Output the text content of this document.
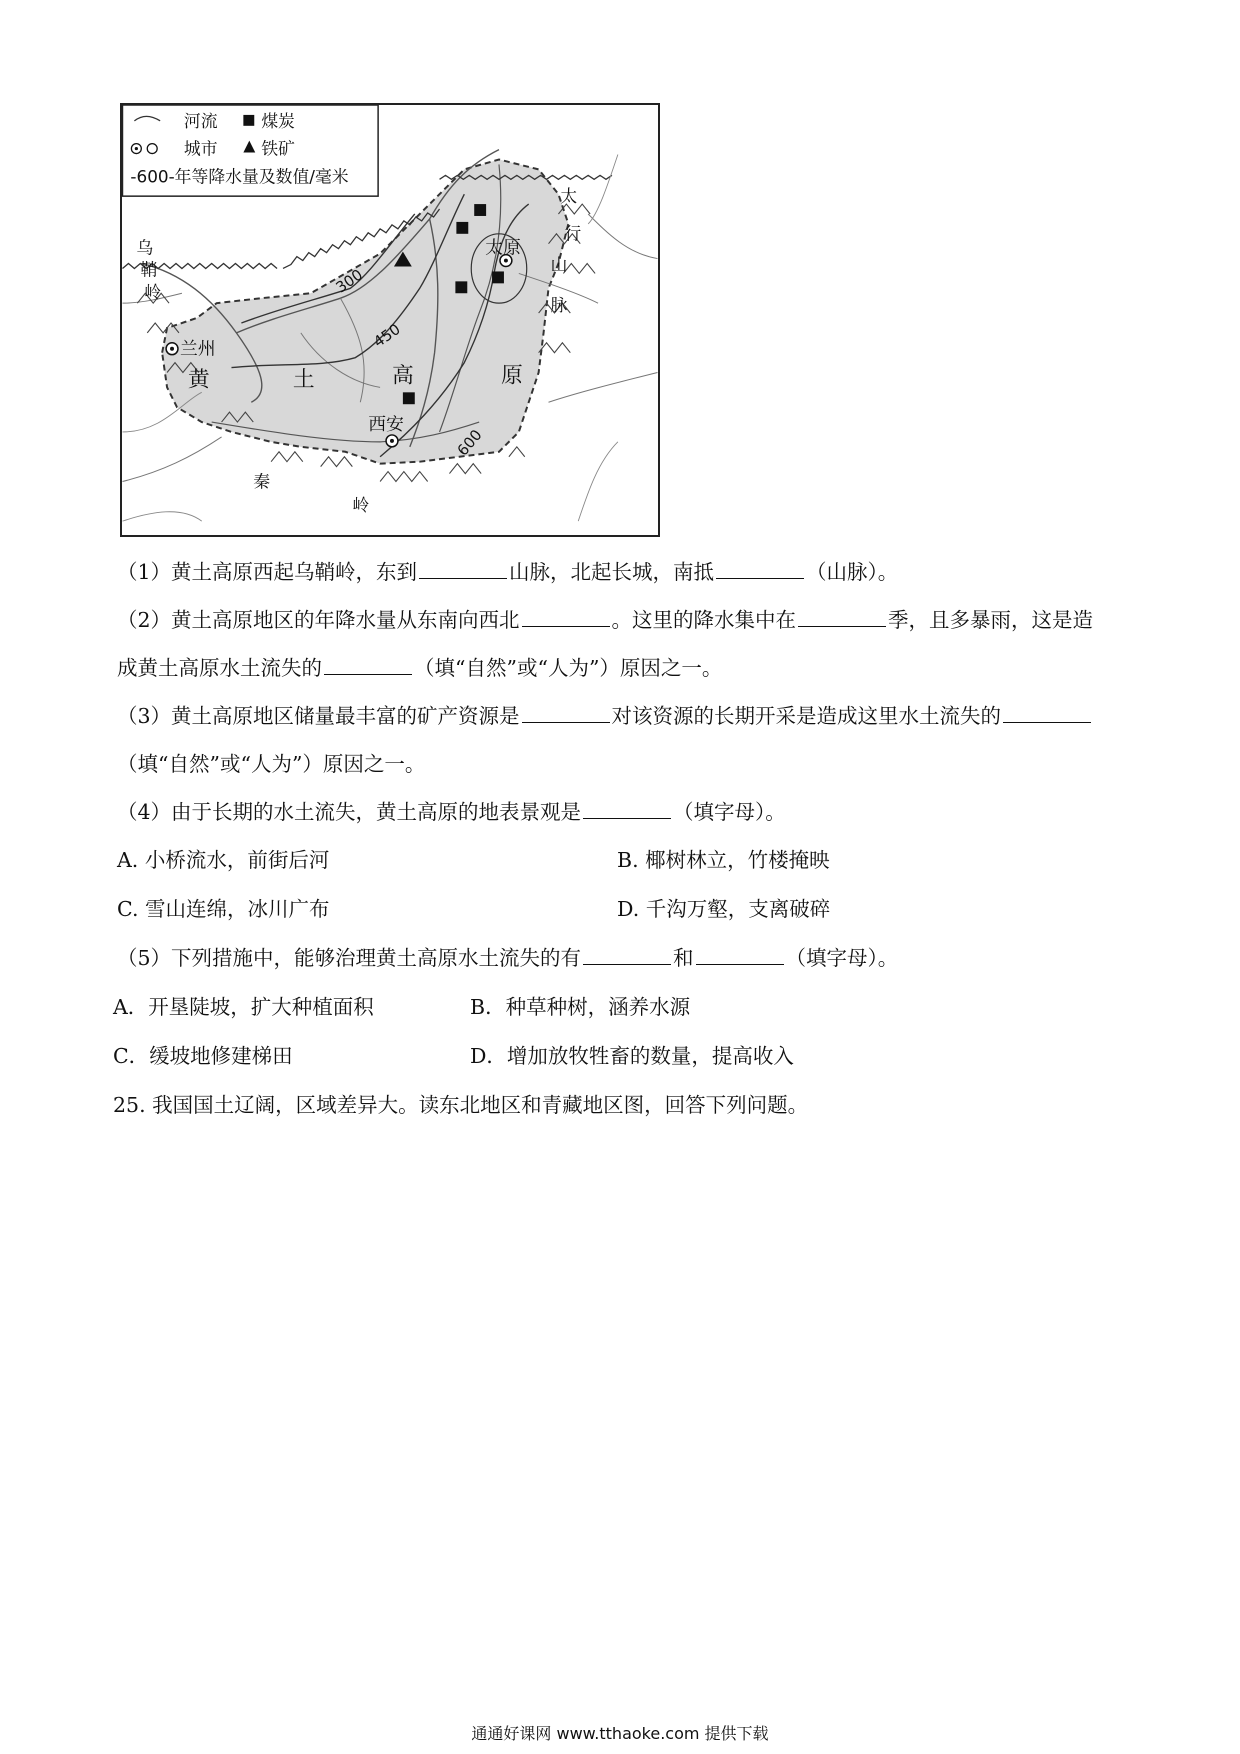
河流	煤炭
城市	铁矿
-600-年等降水量及数值/毫米
乌
鞘
岭
兰州
黄	土	高	原
太原
西安
太
行
山
脉
秦
岭
300
450
600
（1）黄土高原西起乌鞘岭，东到	山脉，北起长城，南抵	（山脉）。
（2）黄土高原地区的年降水量从东南向西北	。这里的降水集中在	季，且多暴雨，这是造
成黄土高原水土流失的	（填“自然”或“人为”）原因之一。
（3）黄土高原地区储量最丰富的矿产资源是	对该资源的长期开采是造成这里水土流失的
（填“自然”或“人为”）原因之一。
（4）由于长期的水土流失，黄土高原的地表景观是	（填字母）。
A. 小桥流水，前街后河	B. 椰树林立，竹楼掩映
C. 雪山连绵，冰川广布	D. 千沟万壑，支离破碎
（5）下列措施中，能够治理黄土高原水土流失的有	和	（填字母）。
A．开垦陡坡，扩大种植面积	B．种草种树，涵养水源
C．缓坡地修建梯田	D．增加放牧牲畜的数量，提高收入
25. 我国国土辽阔，区域差异大。读东北地区和青藏地区图，回答下列问题。
通通好课网 www.tthaoke.com 提供下载
